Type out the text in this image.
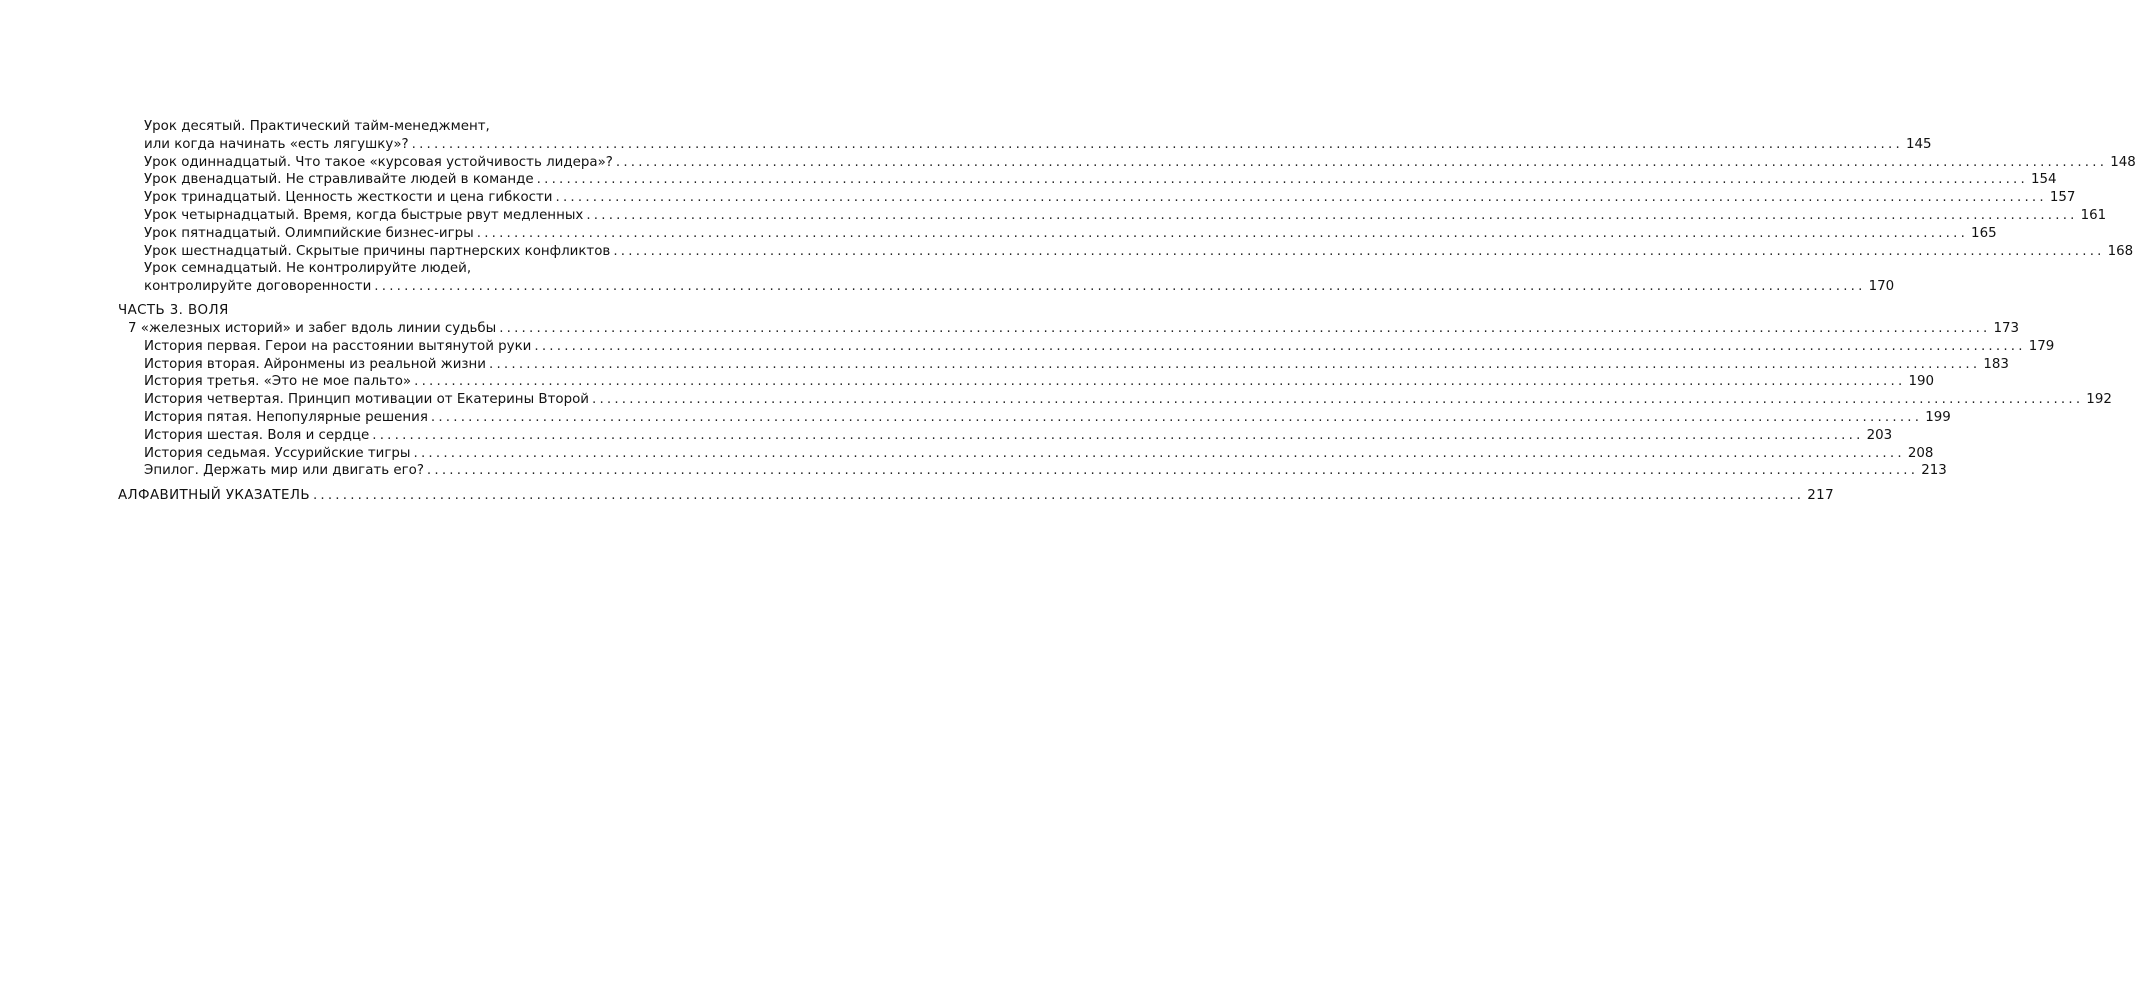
Урок десятый. Практический тайм-менеджмент,
или когда начинать «есть лягушку»? ........................................................................................................................................................................................................ 145
Урок одиннадцатый. Что такое «курсовая устойчивость лидера»? ........................................................................................................................................................................................................ 148
Урок двенадцатый. Не стравливайте людей в команде ........................................................................................................................................................................................................ 154
Урок тринадцатый. Ценность жесткости и цена гибкости ........................................................................................................................................................................................................ 157
Урок четырнадцатый. Время, когда быстрые рвут медленных ........................................................................................................................................................................................................ 161
Урок пятнадцатый. Олимпийские бизнес-игры ........................................................................................................................................................................................................ 165
Урок шестнадцатый. Скрытые причины партнерских конфликтов ........................................................................................................................................................................................................ 168
Урок семнадцатый. Не контролируйте людей,
контролируйте договоренности ........................................................................................................................................................................................................ 170
ЧАСТЬ 3. ВОЛЯ
7 «железных историй» и забег вдоль линии судьбы ........................................................................................................................................................................................................ 173
История первая. Герои на расстоянии вытянутой руки ........................................................................................................................................................................................................ 179
История вторая. Айронмены из реальной жизни ........................................................................................................................................................................................................ 183
История третья. «Это не мое пальто» ........................................................................................................................................................................................................ 190
История четвертая. Принцип мотивации от Екатерины Второй ........................................................................................................................................................................................................ 192
История пятая. Непопулярные решения ........................................................................................................................................................................................................ 199
История шестая. Воля и сердце ........................................................................................................................................................................................................ 203
История седьмая. Уссурийские тигры ........................................................................................................................................................................................................ 208
Эпилог. Держать мир или двигать его? ........................................................................................................................................................................................................ 213
АЛФАВИТНЫЙ УКАЗАТЕЛЬ ........................................................................................................................................................................................................ 217
